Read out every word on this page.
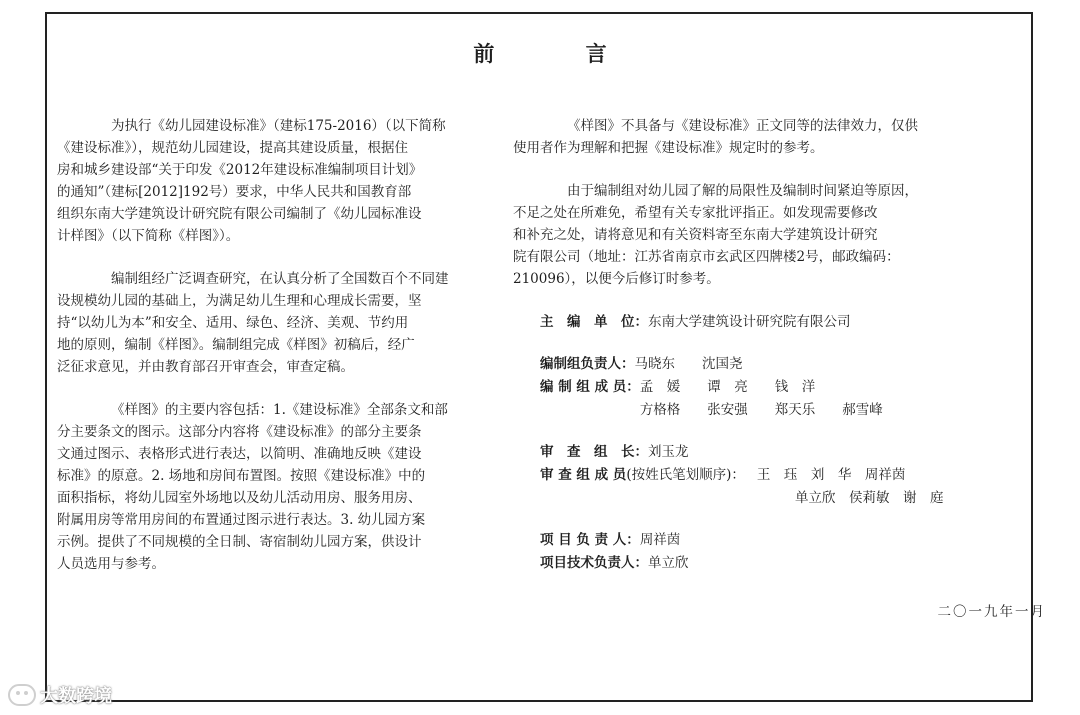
前 言

为执行《幼儿园建设标准》（建标175-2016）（以下简称
《建设标准》），规范幼儿园建设，提高其建设质量，根据住
房和城乡建设部“关于印发《2012年建设标准编制项目计划》
的通知”（建标[2012]192号）要求，中华人民共和国教育部
组织东南大学建筑设计研究院有限公司编制了《幼儿园标准设
计样图》（以下简称《样图》）。

编制组经广泛调查研究，在认真分析了全国数百个不同建
设规模幼儿园的基础上，为满足幼儿生理和心理成长需要，坚
持“以幼儿为本”和安全、适用、绿色、经济、美观、节约用
地的原则，编制《样图》。编制组完成《样图》初稿后，经广
泛征求意见，并由教育部召开审查会，审查定稿。

《样图》的主要内容包括：1.《建设标准》全部条文和部
分主要条文的图示。这部分内容将《建设标准》的部分主要条
文通过图示、表格形式进行表达，以简明、准确地反映《建设
标准》的原意。2. 场地和房间布置图。按照《建设标准》中的
面积指标，将幼儿园室外场地以及幼儿活动用房、服务用房、
附属用房等常用房间的布置通过图示进行表达。3. 幼儿园方案
示例。提供了不同规模的全日制、寄宿制幼儿园方案，供设计
人员选用与参考。

《样图》不具备与《建设标准》正文同等的法律效力，仅供
使用者作为理解和把握《建设标准》规定时的参考。

由于编制组对幼儿园了解的局限性及编制时间紧迫等原因，
不足之处在所难免，希望有关专家批评指正。如发现需要修改
和补充之处，请将意见和有关资料寄至东南大学建筑设计研究
院有限公司（地址：江苏省南京市玄武区四牌楼2号，邮政编码：
210096），以便今后修订时参考。

主　编　单　位： 东南大学建筑设计研究院有限公司
编制组负责人： 马晓东　　沈国尧
编 制 组 成 员： 孟　媛　　谭　亮　　钱　洋
方格格　　张安强　　郑天乐　　郝雪峰
审　查　组　长： 刘玉龙
审 查 组 成 员 (按姓氏笔划顺序)： 王　珏　刘　华　周祥茵
单立欣　侯莉敏　谢　庭
项 目 负 责 人： 周祥茵
项目技术负责人： 单立欣
二〇一九年一月
大数跨境
